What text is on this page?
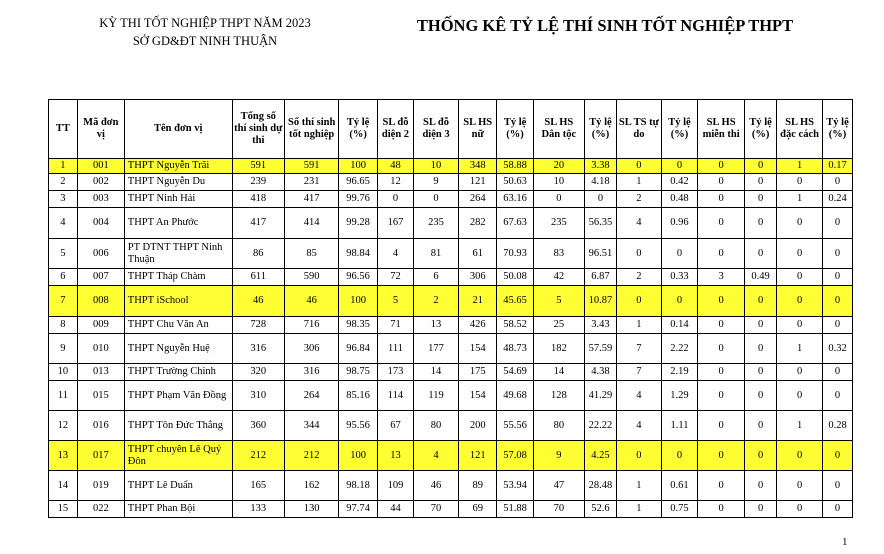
KỲ THI TỐT NGHIỆP THPT NĂM 2023
SỞ GD&ĐT NINH THUẬN
THỐNG KÊ TỶ LỆ THÍ SINH TỐT NGHIỆP THPT
TT	Mã đơn vị	Tên đơn vị	Tổng số thí sinh dự thi	Số thí sinh tốt nghiệp	Tỷ lệ (%)	SL đỗ diện 2	SL đỗ diện 3	SL HS nữ	Tỷ lệ (%)	SL HS Dân tộc	Tỷ lệ (%)	SL TS tự do	Tỷ lệ (%)	SL HS miễn thi	Tỷ lệ (%)	SL HS đặc cách	Tỷ lệ (%)
1	001	THPT Nguyễn Trãi	591	591	100	48	10	348	58.88	20	3.38	0	0	0	0	1	0.17
2	002	THPT Nguyễn Du	239	231	96.65	12	9	121	50.63	10	4.18	1	0.42	0	0	0	0
3	003	THPT Ninh Hải	418	417	99.76	0	0	264	63.16	0	0	2	0.48	0	0	1	0.24
4	004	THPT An Phước	417	414	99.28	167	235	282	67.63	235	56.35	4	0.96	0	0	0	0
5	006	PT DTNT THPT Ninh Thuận	86	85	98.84	4	81	61	70.93	83	96.51	0	0	0	0	0	0
6	007	THPT Tháp Chàm	611	590	96.56	72	6	306	50.08	42	6.87	2	0.33	3	0.49	0	0
7	008	THPT iSchool	46	46	100	5	2	21	45.65	5	10.87	0	0	0	0	0	0
8	009	THPT Chu Văn An	728	716	98.35	71	13	426	58.52	25	3.43	1	0.14	0	0	0	0
9	010	THPT Nguyễn Huệ	316	306	96.84	111	177	154	48.73	182	57.59	7	2.22	0	0	1	0.32
10	013	THPT Trường Chinh	320	316	98.75	173	14	175	54.69	14	4.38	7	2.19	0	0	0	0
11	015	THPT Phạm Văn Đồng	310	264	85.16	114	119	154	49.68	128	41.29	4	1.29	0	0	0	0
12	016	THPT Tôn Đức Thắng	360	344	95.56	67	80	200	55.56	80	22.22	4	1.11	0	0	1	0.28
13	017	THPT chuyên Lê Quý Đôn	212	212	100	13	4	121	57.08	9	4.25	0	0	0	0	0	0
14	019	THPT Lê Duẩn	165	162	98.18	109	46	89	53.94	47	28.48	1	0.61	0	0	0	0
15	022	THPT Phan Bội	133	130	97.74	44	70	69	51.88	70	52.6	1	0.75	0	0	0	0
1
